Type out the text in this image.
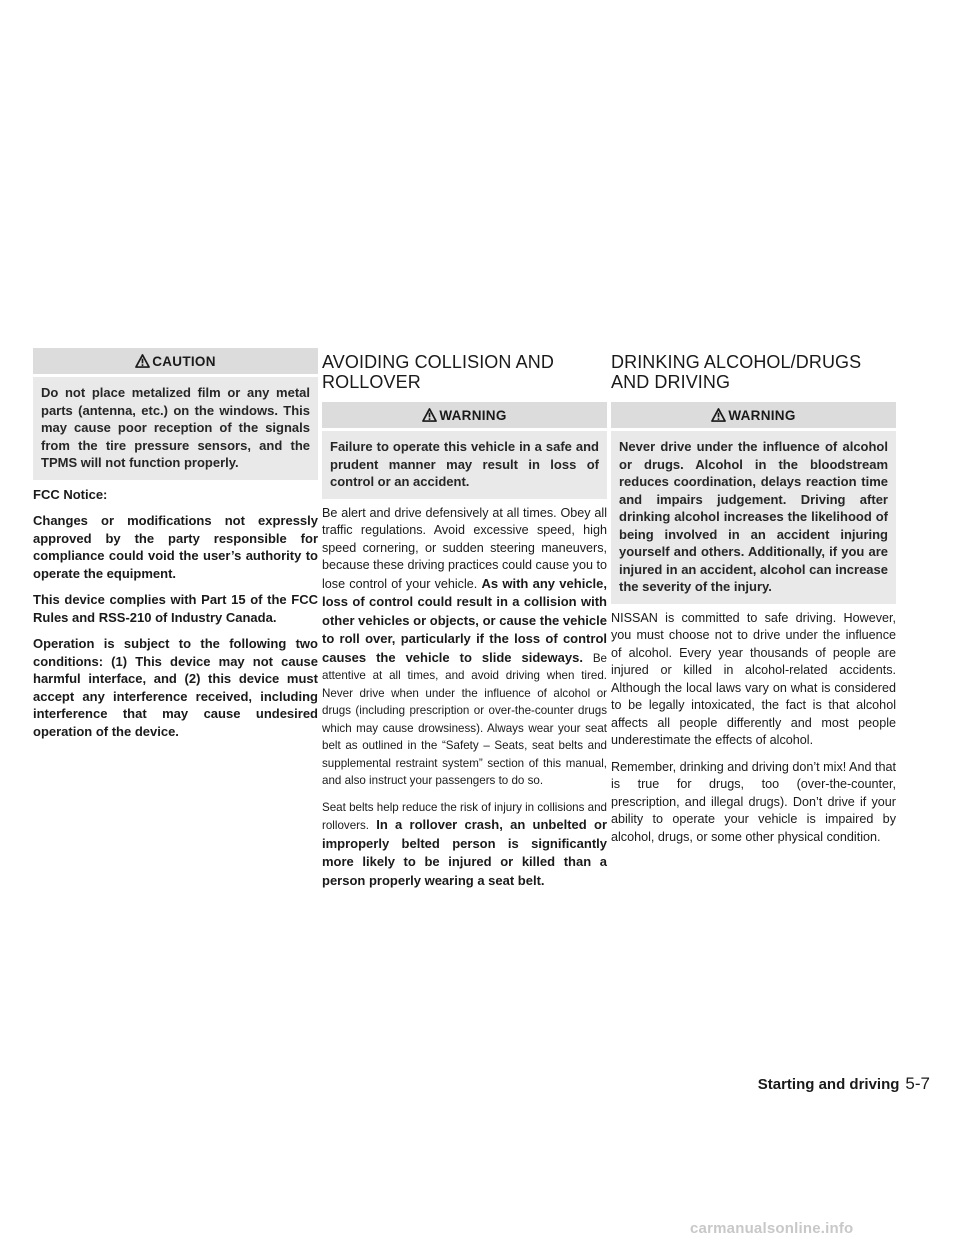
CAUTION
Do not place metalized film or any metal parts (antenna, etc.) on the windows. This may cause poor reception of the signals from the tire pressure sensors, and the TPMS will not function properly.

FCC Notice:

Changes or modifications not expressly approved by the party responsible for compliance could void the user’s authority to operate the equipment.

This device complies with Part 15 of the FCC Rules and RSS-210 of Industry Canada.

Operation is subject to the following two conditions: (1) This device may not cause harmful interface, and (2) this device must accept any interference received, including interference that may cause undesired operation of the device.

AVOIDING COLLISION AND ROLLOVER
WARNING
Failure to operate this vehicle in a safe and prudent manner may result in loss of control or an accident.

Be alert and drive defensively at all times. Obey all traffic regulations. Avoid excessive speed, high speed cornering, or sudden steering maneuvers, because these driving practices could cause you to lose control of your vehicle. As with any vehicle, loss of control could result in a collision with other vehicles or objects, or cause the vehicle to roll over, particularly if the loss of control causes the vehicle to slide sideways. Be attentive at all times, and avoid driving when tired. Never drive when under the influence of alcohol or drugs (including prescription or over-the-counter drugs which may cause drowsiness). Always wear your seat belt as outlined in the “Safety – Seats, seat belts and supplemental restraint system” section of this manual, and also instruct your passengers to do so.

Seat belts help reduce the risk of injury in collisions and rollovers. In a rollover crash, an unbelted or improperly belted person is significantly more likely to be injured or killed than a person properly wearing a seat belt.

DRINKING ALCOHOL/DRUGS AND DRIVING
WARNING
Never drive under the influence of alcohol or drugs. Alcohol in the bloodstream reduces coordination, delays reaction time and impairs judgement. Driving after drinking alcohol increases the likelihood of being involved in an accident injuring yourself and others. Additionally, if you are injured in an accident, alcohol can increase the severity of the injury.

NISSAN is committed to safe driving. However, you must choose not to drive under the influence of alcohol. Every year thousands of people are injured or killed in alcohol-related accidents. Although the local laws vary on what is considered to be legally intoxicated, the fact is that alcohol affects all people differently and most people underestimate the effects of alcohol.

Remember, drinking and driving don’t mix! And that is true for drugs, too (over-the-counter, prescription, and illegal drugs). Don’t drive if your ability to operate your vehicle is impaired by alcohol, drugs, or some other physical condition.

Starting and driving 5-7
carmanualsonline.info
